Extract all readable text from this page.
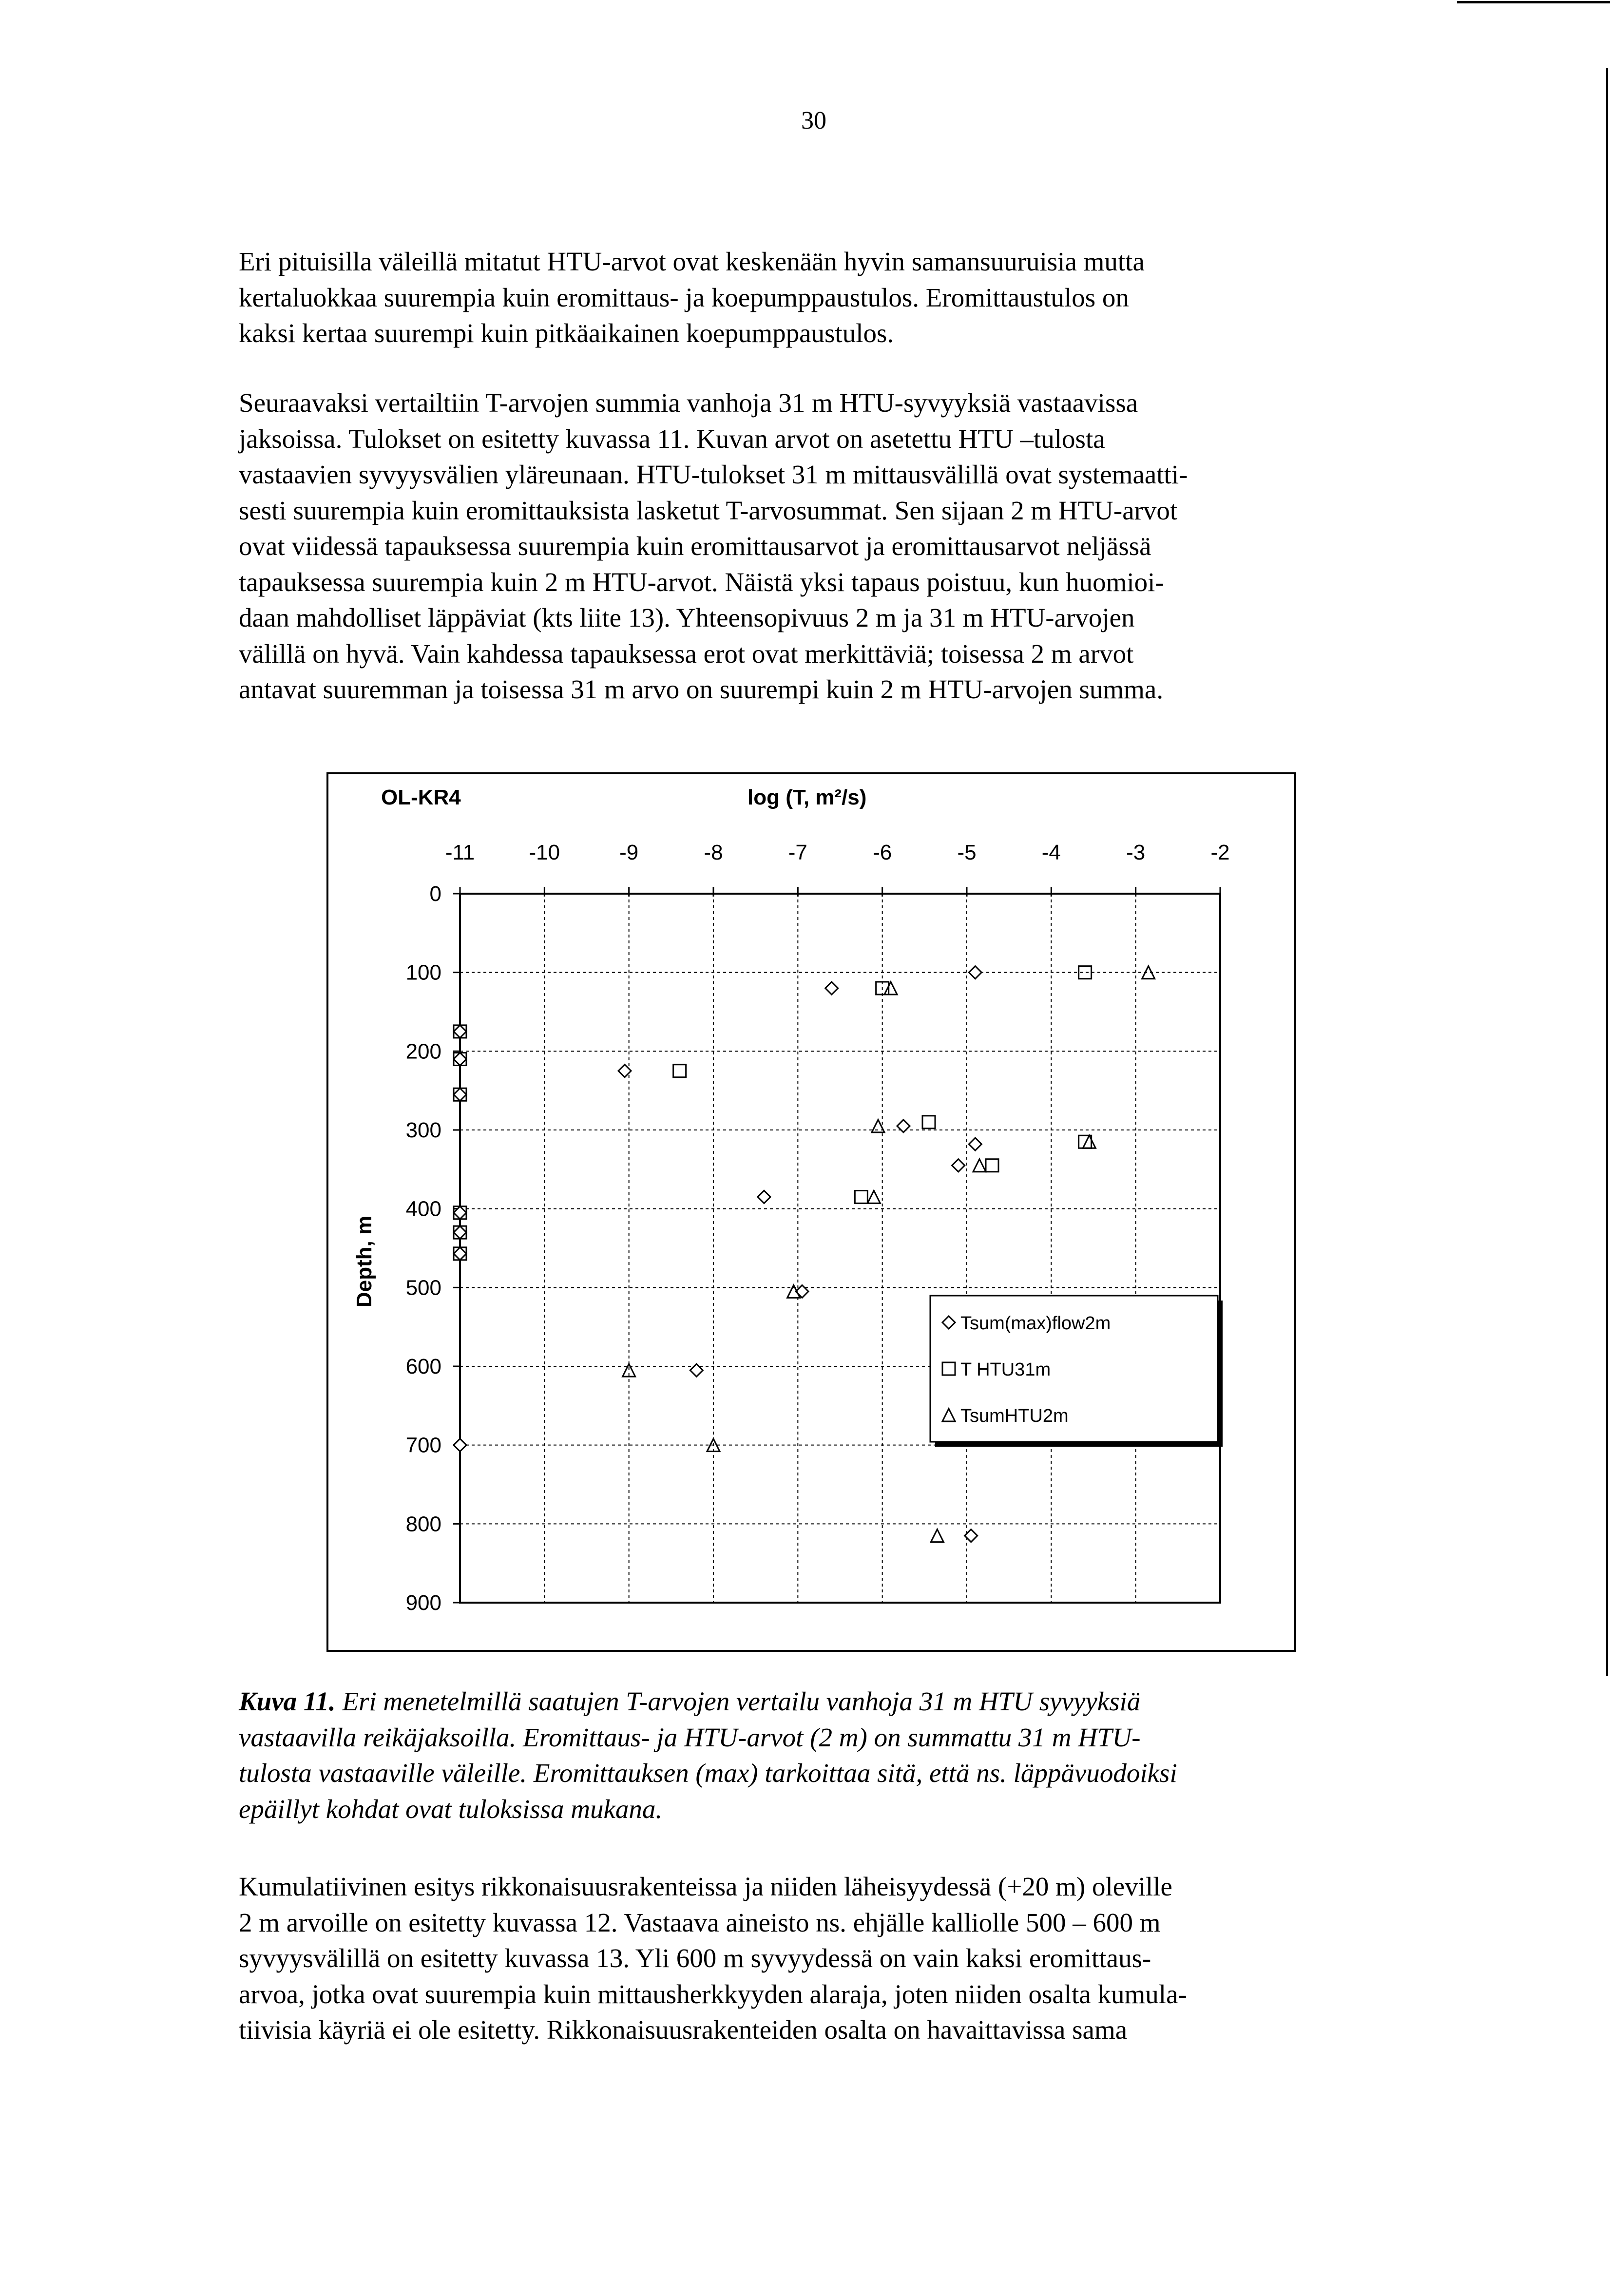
30
Eri pituisilla väleillä mitatut HTU-arvot ovat keskenään hyvin samansuuruisia mutta
kertaluokkaa suurempia kuin eromittaus- ja koepumppaustulos. Eromittaustulos on
kaksi kertaa suurempi kuin pitkäaikainen koepumppaustulos.
Seuraavaksi vertailtiin T-arvojen summia vanhoja 31 m HTU-syvyyksiä vastaavissa
jaksoissa. Tulokset on esitetty kuvassa 11. Kuvan arvot on asetettu HTU –tulosta
vastaavien syvyysvälien yläreunaan. HTU-tulokset 31 m mittausvälillä ovat systemaatti-
sesti suurempia kuin eromittauksista lasketut T-arvosummat. Sen sijaan 2 m HTU-arvot
ovat viidessä tapauksessa suurempia kuin eromittausarvot ja eromittausarvot neljässä
tapauksessa suurempia kuin 2 m HTU-arvot. Näistä yksi tapaus poistuu, kun huomioi-
daan mahdolliset läppäviat (kts liite 13). Yhteensopivuus 2 m ja 31 m HTU-arvojen
välillä on hyvä. Vain kahdessa tapauksessa erot ovat merkittäviä; toisessa 2 m arvot
antavat suuremman ja toisessa 31 m arvo on suurempi kuin 2 m HTU-arvojen summa.
-11	-10	-9	-8	-7	-6	-5	-4	-3	-2
0
100
200
300
400
500
600
700
800
900
Tsum(max)flow2m
T HTU31m
TsumHTU2m
OL-KR4	log (T, m²/s)
Depth, m

Kuva 11. Eri menetelmillä saatujen T-arvojen vertailu vanhoja 31 m HTU syvyyksiä
vastaavilla reikäjaksoilla. Eromittaus- ja HTU-arvot (2 m) on summattu 31 m HTU-
tulosta vastaaville väleille. Eromittauksen (max) tarkoittaa sitä, että ns. läppävuodoiksi
epäillyt kohdat ovat tuloksissa mukana.

Kumulatiivinen esitys rikkonaisuusrakenteissa ja niiden läheisyydessä (+20 m) oleville
2 m arvoille on esitetty kuvassa 12. Vastaava aineisto ns. ehjälle kalliolle 500 – 600 m
syvyysvälillä on esitetty kuvassa 13. Yli 600 m syvyydessä on vain kaksi eromittaus-
arvoa, jotka ovat suurempia kuin mittausherkkyyden alaraja, joten niiden osalta kumula-
tiivisia käyriä ei ole esitetty. Rikkonaisuusrakenteiden osalta on havaittavissa sama
